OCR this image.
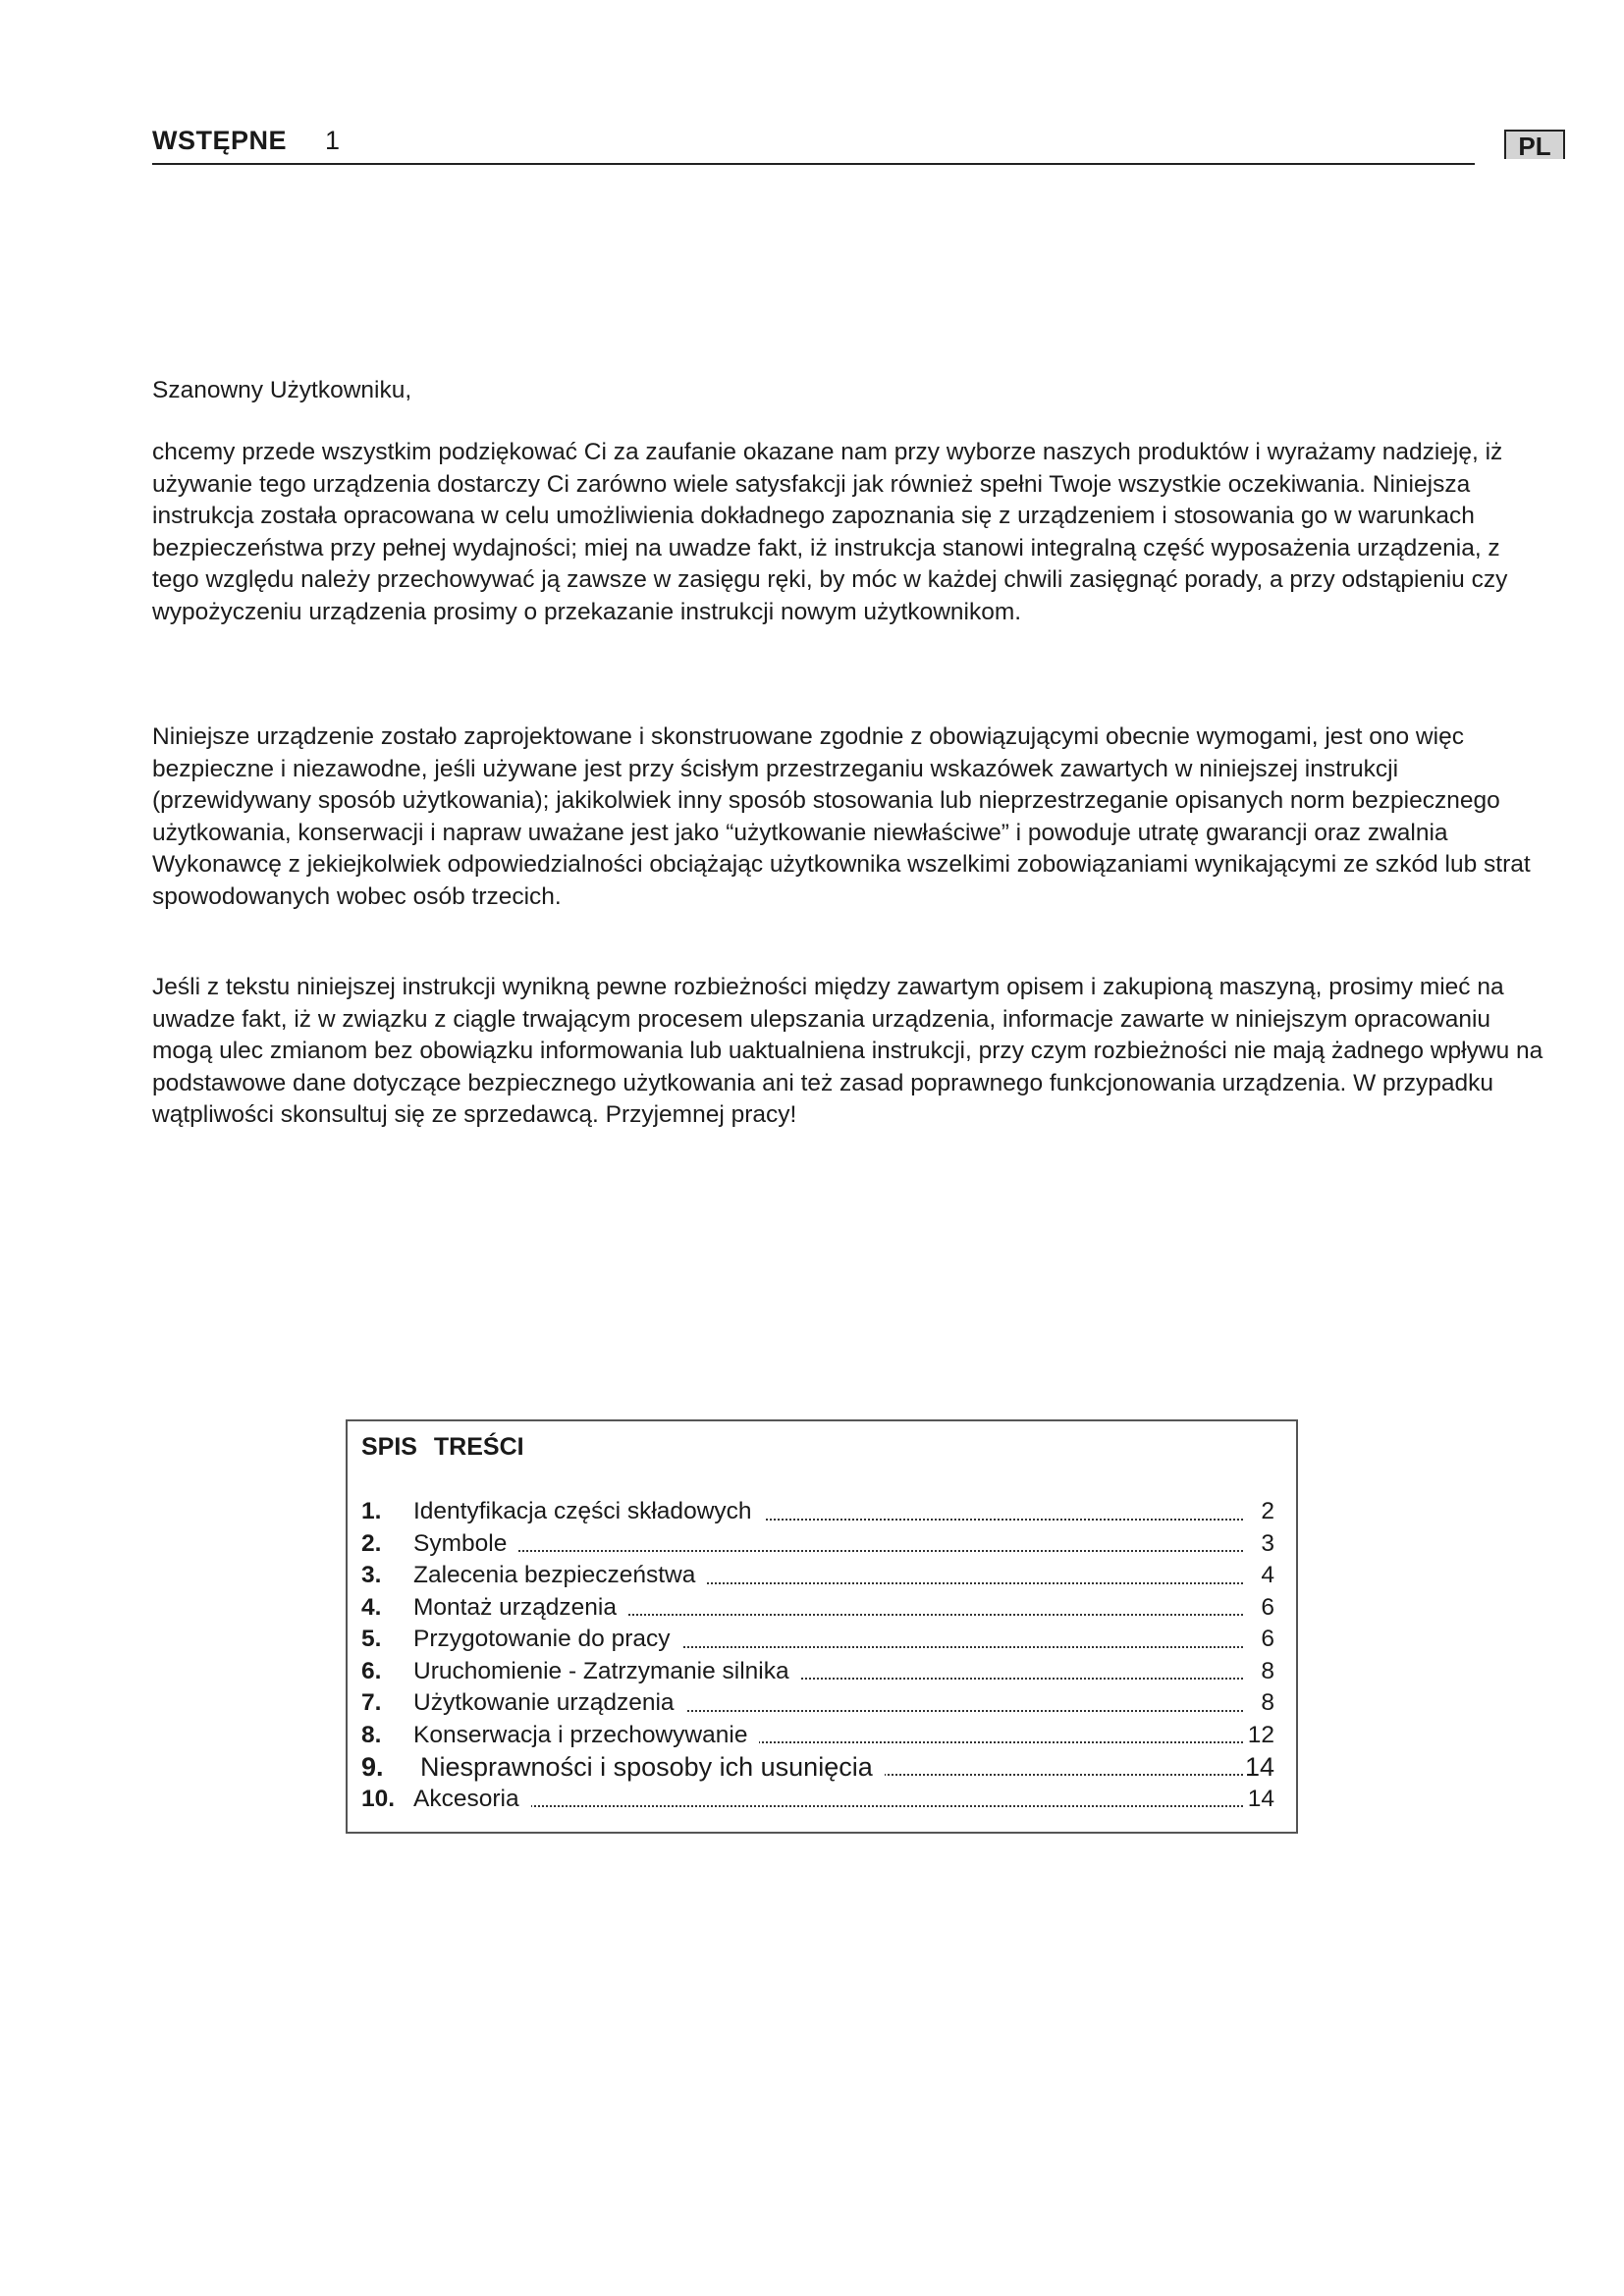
WSTĘPNE 1	PL

Szanowny Użytkowniku,

chcemy przede wszystkim podziękować Ci za zaufanie okazane nam przy wyborze naszych produktów i wyrażamy nadzieję, iż używanie tego urządzenia dostarczy Ci zarówno wiele satysfakcji jak również spełni Twoje wszystkie oczekiwania. Niniejsza instrukcja została opracowana w celu umożliwienia dokładnego zapoznania się z urządzeniem i stosowania go w warunkach bezpieczeństwa przy pełnej wydajności; miej na uwadze fakt, iż instrukcja stanowi integralną część wyposażenia urządzenia, z tego względu należy przechowywać ją zawsze w zasięgu ręki, by móc w każdej chwili zasięgnąć porady, a przy odstąpieniu czy wypożyczeniu urządzenia prosimy o przekazanie instrukcji nowym użytkownikom.

Niniejsze urządzenie zostało zaprojektowane i skonstruowane zgodnie z obowiązującymi obecnie wymogami, jest ono więc bezpieczne i niezawodne, jeśli używane jest przy ścisłym przestrzeganiu wskazówek zawartych w niniejszej instrukcji (przewidywany sposób użytkowania); jakikolwiek inny sposób stosowania lub nieprzestrzeganie opisanych norm bezpiecznego użytkowania, konserwacji i napraw uważane jest jako “użytkowanie niewłaściwe” i powoduje utratę gwarancji oraz zwalnia Wykonawcę z jekiejkolwiek odpowiedzialności obciążając użytkownika wszelkimi zobowiązaniami wynikającymi ze szkód lub strat spowodowanych wobec osób trzecich.

Jeśli z tekstu niniejszej instrukcji wynikną pewne rozbieżności między zawartym opisem i zakupioną maszyną, prosimy mieć na uwadze fakt, iż w związku z ciągle trwającym procesem ulepszania urządzenia, informacje zawarte w niniejszym opracowaniu mogą ulec zmianom bez obowiązku informowania lub uaktualniena instrukcji, przy czym rozbieżności nie mają żadnego wpływu na podstawowe dane dotyczące bezpiecznego użytkowania ani też zasad poprawnego funkcjonowania urządzenia. W przypadku wątpliwości skonsultuj się ze sprzedawcą. Przyjemnej pracy!

SPIS TREŚCI
1. Identyfikacja części składowych	2
2. Symbole	3
3. Zalecenia bezpieczeństwa	4
4. Montaż urządzenia	6
5. Przygotowanie do pracy	6
6. Uruchomienie - Zatrzymanie silnika	8
7. Użytkowanie urządzenia	8
8. Konserwacja i przechowywanie	12
9. Niesprawności i sposoby ich usunięcia	14
10. Akcesoria	14
